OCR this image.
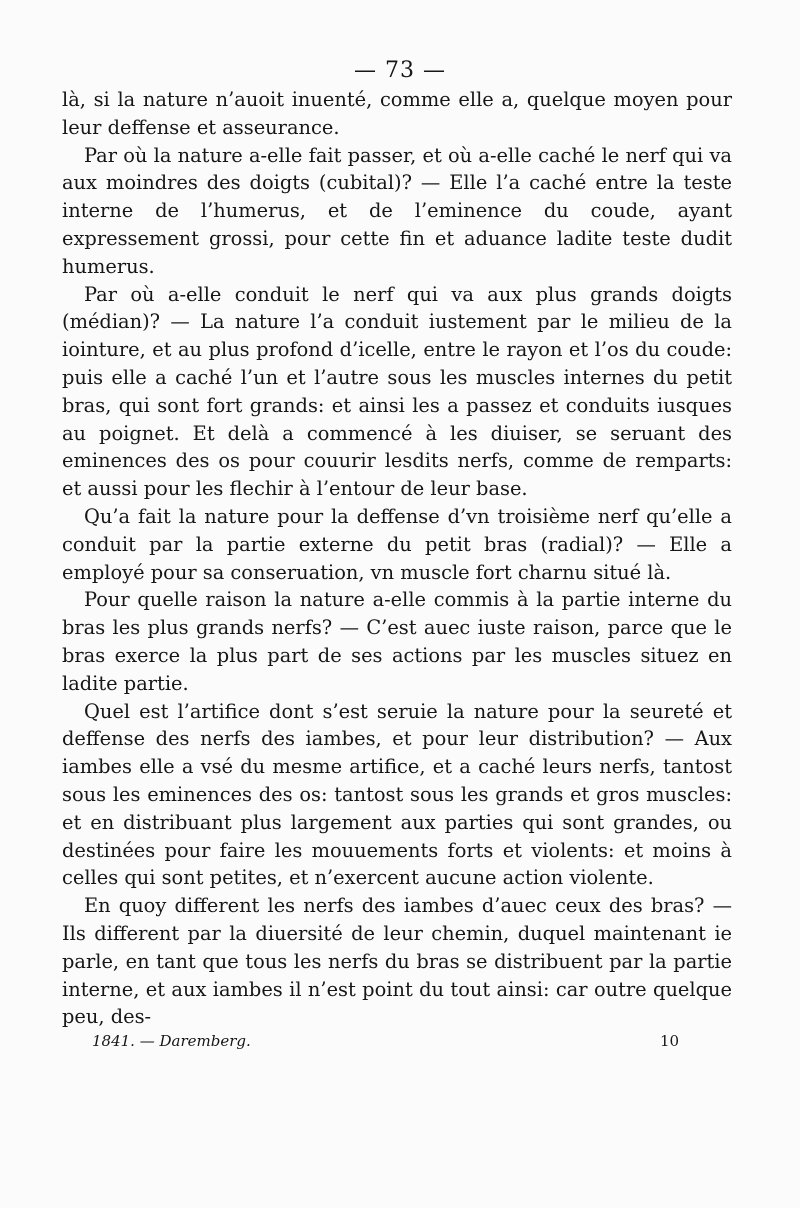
— 73 —

là, si la nature n’auoit inuenté, comme elle a, quelque moyen pour leur deffense et asseurance.

Par où la nature a-elle fait passer, et où a-elle caché le nerf qui va aux moindres des doigts (cubital)? — Elle l’a caché entre la teste interne de l’humerus, et de l’eminence du coude, ayant expressement grossi, pour cette fin et aduance ladite teste dudit humerus.

Par où a-elle conduit le nerf qui va aux plus grands doigts (médian)? — La nature l’a conduit iustement par le milieu de la iointure, et au plus profond d’icelle, entre le rayon et l’os du coude: puis elle a caché l’un et l’autre sous les muscles internes du petit bras, qui sont fort grands: et ainsi les a passez et conduits iusques au poignet. Et delà a commencé à les diuiser, se seruant des eminences des os pour couurir lesdits nerfs, comme de remparts: et aussi pour les flechir à l’entour de leur base.

Qu’a fait la nature pour la deffense d’vn troisième nerf qu’elle a conduit par la partie externe du petit bras (radial)? — Elle a employé pour sa conseruation, vn muscle fort charnu situé là.

Pour quelle raison la nature a-elle commis à la partie interne du bras les plus grands nerfs? — C’est auec iuste raison, parce que le bras exerce la plus part de ses actions par les muscles situez en ladite partie.

Quel est l’artifice dont s’est seruie la nature pour la seureté et deffense des nerfs des iambes, et pour leur distribution? — Aux iambes elle a vsé du mesme artifice, et a caché leurs nerfs, tantost sous les eminences des os: tantost sous les grands et gros muscles: et en distribuant plus largement aux parties qui sont grandes, ou destinées pour faire les mouuements forts et violents: et moins à celles qui sont petites, et n’exercent aucune action violente.

En quoy different les nerfs des iambes d’auec ceux des bras? — Ils different par la diuersité de leur chemin, duquel maintenant ie parle, en tant que tous les nerfs du bras se distribuent par la partie interne, et aux iambes il n’est point du tout ainsi: car outre quelque peu, des-

1841. — Daremberg.	10
